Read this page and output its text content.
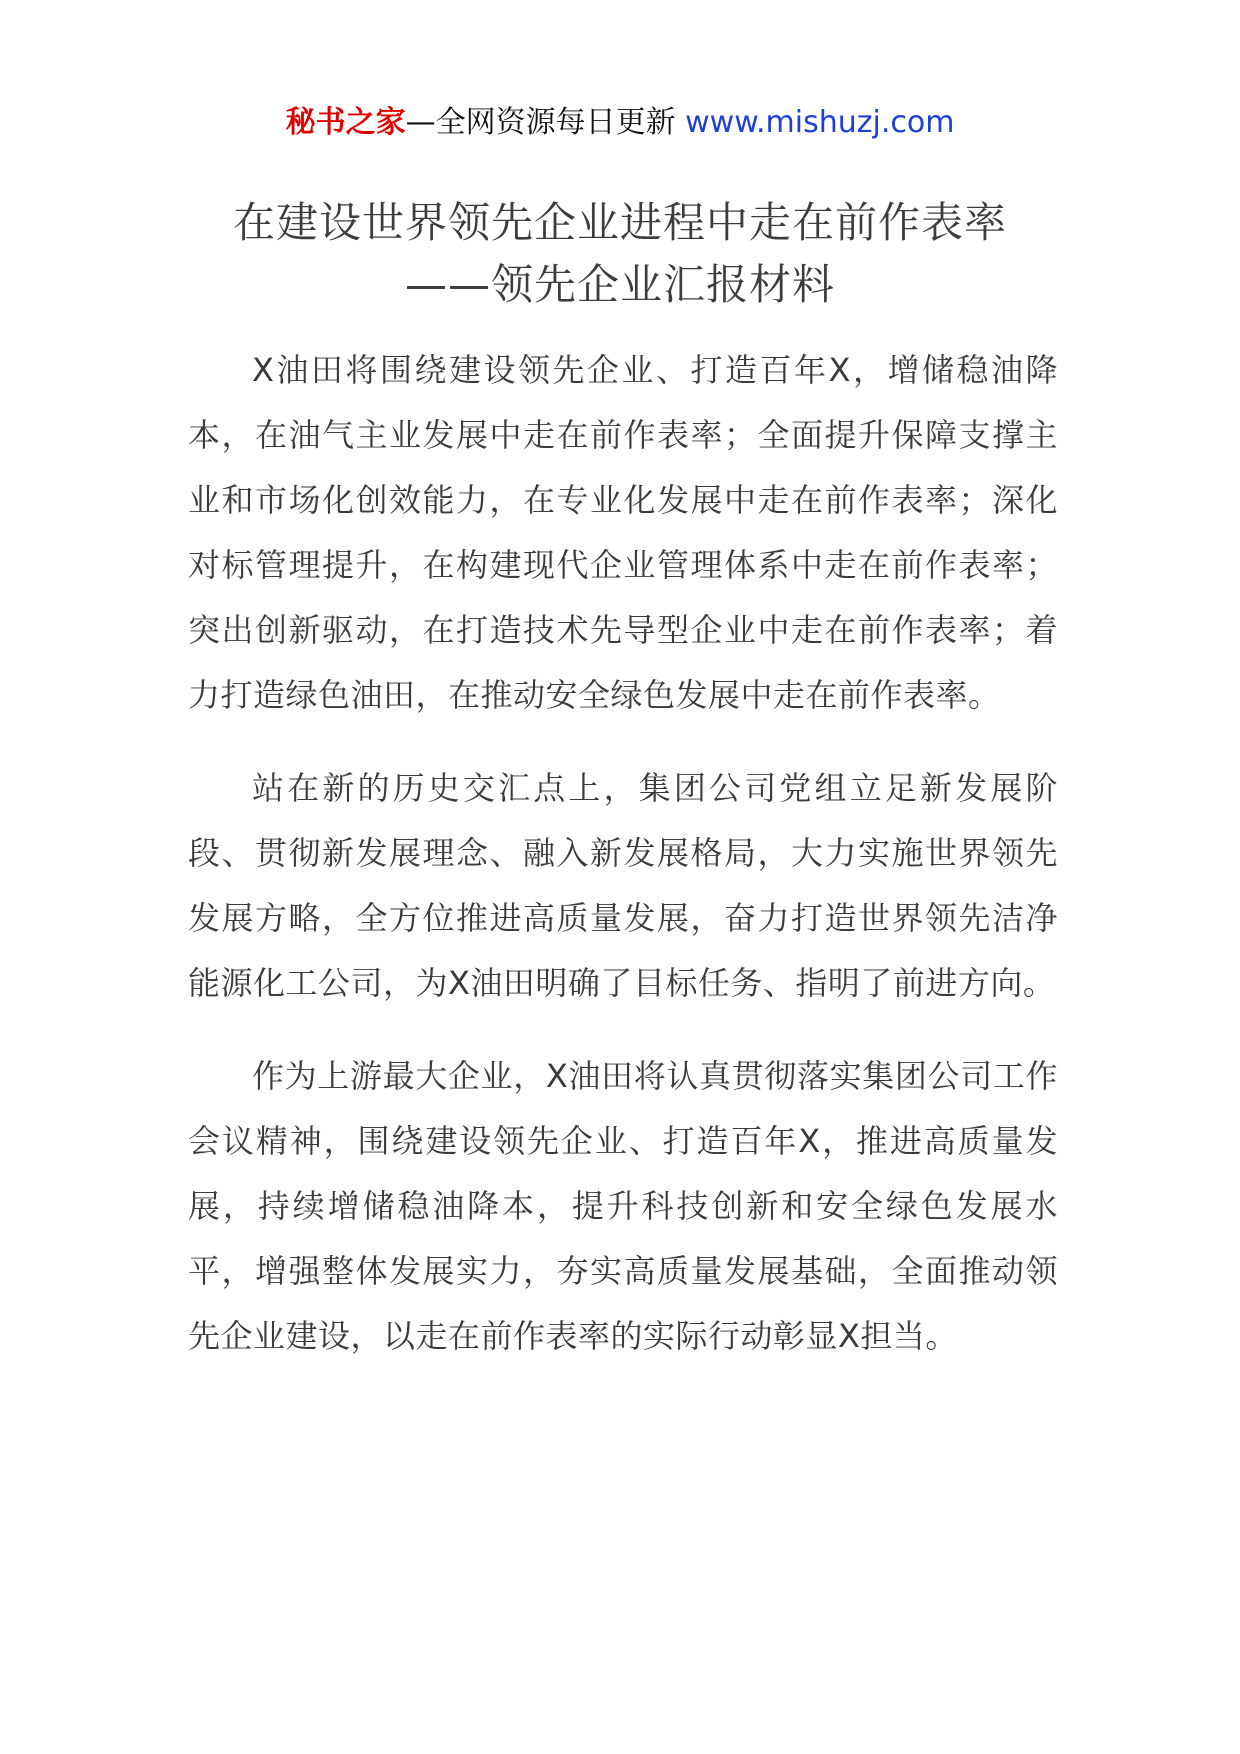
秘书之家—全网资源每日更新 www.mishuzj.com
在建设世界领先企业进程中走在前作表率
——领先企业汇报材料

X油田将围绕建设领先企业、打造百年X，增储稳油降本，在油气主业发展中走在前作表率；全面提升保障支撑主业和市场化创效能力，在专业化发展中走在前作表率；深化对标管理提升，在构建现代企业管理体系中走在前作表率；突出创新驱动，在打造技术先导型企业中走在前作表率；着力打造绿色油田，在推动安全绿色发展中走在前作表率。

站在新的历史交汇点上，集团公司党组立足新发展阶段、贯彻新发展理念、融入新发展格局，大力实施世界领先发展方略，全方位推进高质量发展，奋力打造世界领先洁净能源化工公司，为X油田明确了目标任务、指明了前进方向。

作为上游最大企业，X油田将认真贯彻落实集团公司工作会议精神，围绕建设领先企业、打造百年X，推进高质量发展，持续增储稳油降本，提升科技创新和安全绿色发展水平，增强整体发展实力，夯实高质量发展基础，全面推动领先企业建设，以走在前作表率的实际行动彰显X担当。
